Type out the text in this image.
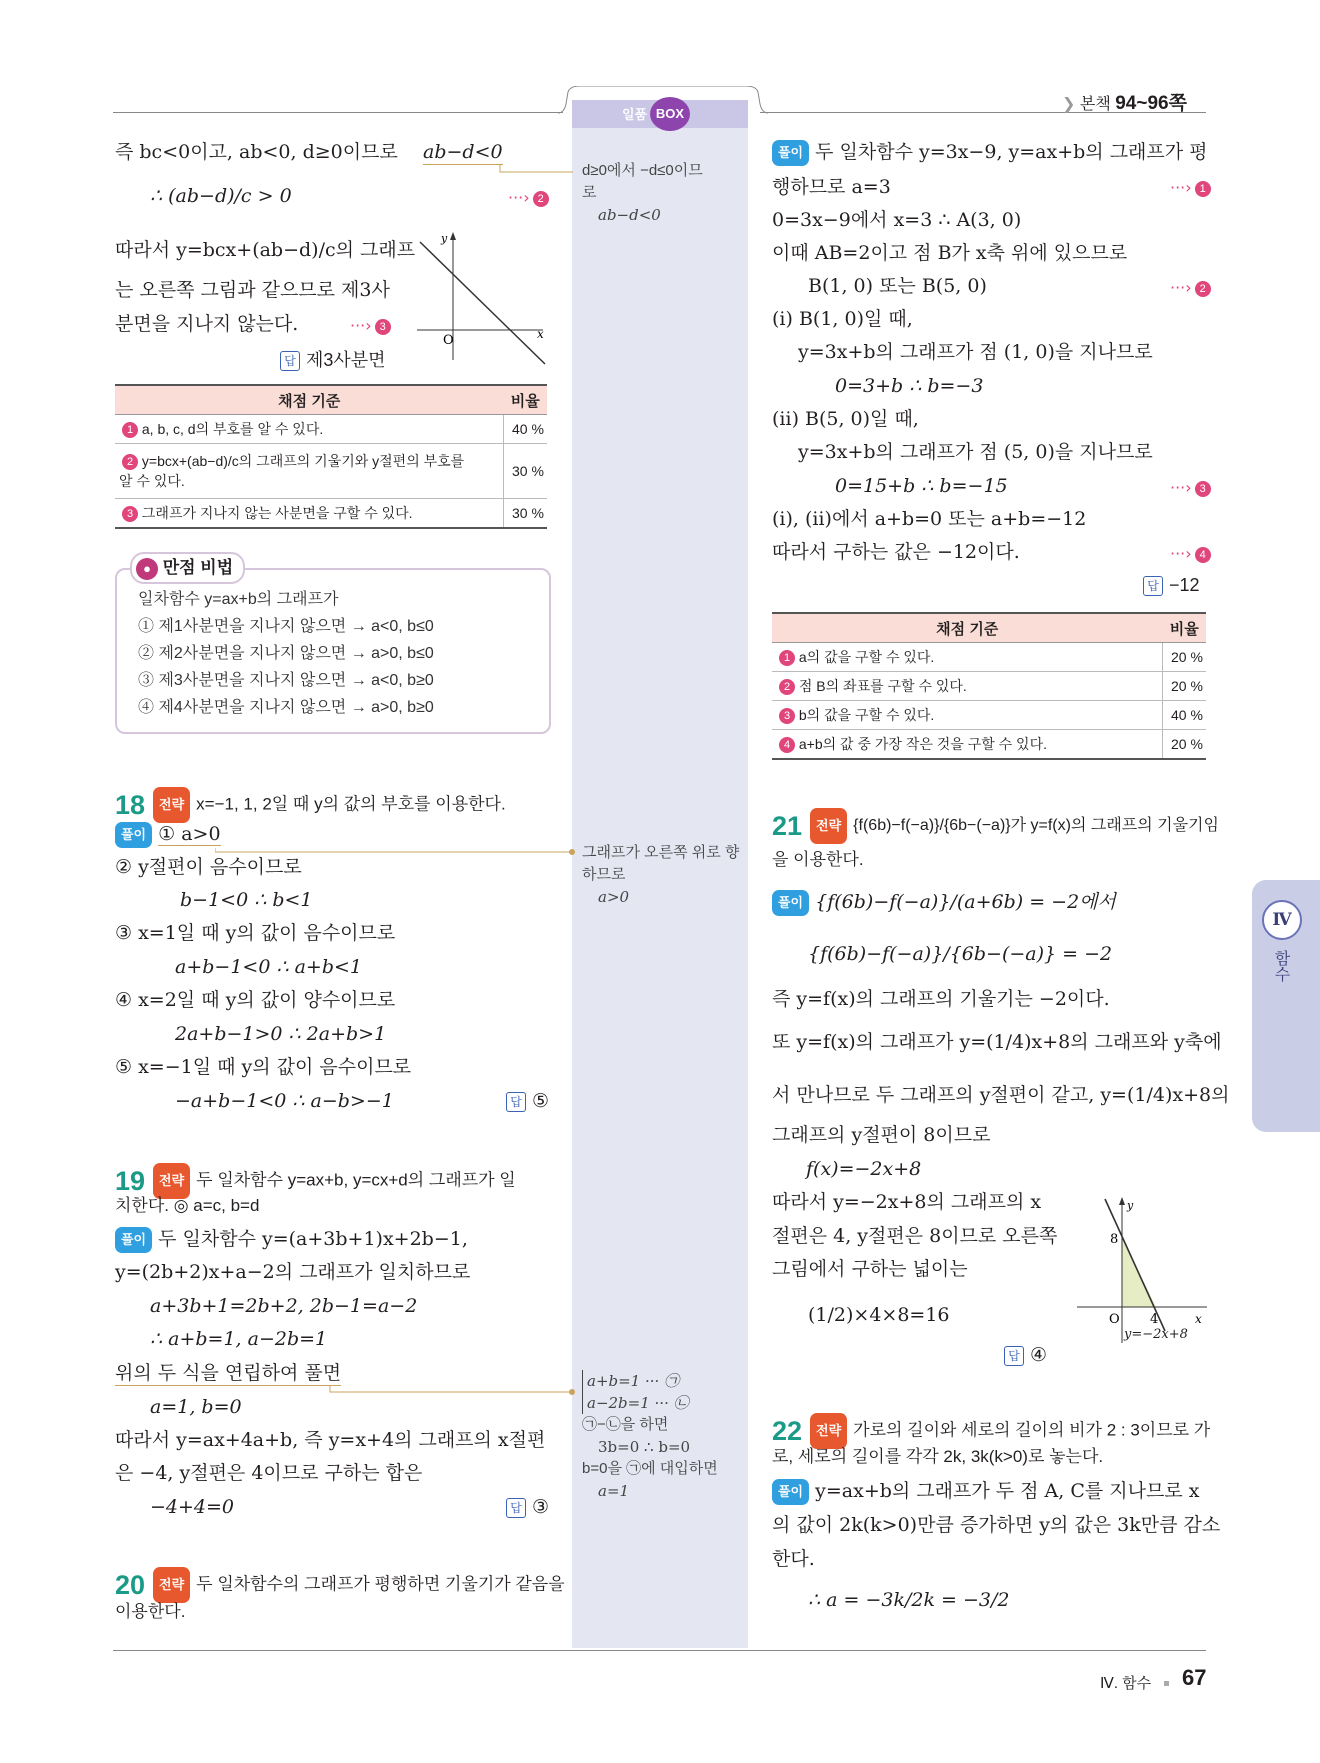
일품 BOX
❯ 본책 94~96쪽
즉 bc<0이고, ab<0, d≥0이므로 ab−d<0
∴ (ab−d)/c > 0	···› 2
따라서 y=bcx+(ab−d)/c의 그래프
는 오른쪽 그림과 같으므로 제3사
분면을 지나지 않는다.	···› 3
답 제3사분면
O	x
y
채점 기준	비율
1 a, b, c, d의 부호를 알 수 있다.	40 %
2 y=bcx+(ab−d)/c의 그래프의 기울기와 y절편의 부호를
알 수 있다.	30 %
3 그래프가 지나지 않는 사분면을 구할 수 있다.	30 %
● 만점 비법
일차함수 y=ax+b의 그래프가
① 제1사분면을 지나지 않으면 → a<0, b≤0
② 제2사분면을 지나지 않으면 → a>0, b≤0
③ 제3사분면을 지나지 않으면 → a<0, b≥0
④ 제4사분면을 지나지 않으면 → a>0, b≥0
18 전략 x=−1, 1, 2일 때 y의 값의 부호를 이용한다.
풀이 ① a>0
② y절편이 음수이므로
b−1<0 ∴ b<1
③ x=1일 때 y의 값이 음수이므로
a+b−1<0 ∴ a+b<1
④ x=2일 때 y의 값이 양수이므로
2a+b−1>0 ∴ 2a+b>1
⑤ x=−1일 때 y의 값이 음수이므로
−a+b−1<0 ∴ a−b>−1	답 ⑤
19 전략 두 일차함수 y=ax+b, y=cx+d의 그래프가 일
치한다. ◎ a=c, b=d
풀이 두 일차함수 y=(a+3b+1)x+2b−1,
y=(2b+2)x+a−2의 그래프가 일치하므로
a+3b+1=2b+2, 2b−1=a−2
∴ a+b=1, a−2b=1
위의 두 식을 연립하여 풀면
a=1, b=0
따라서 y=ax+4a+b, 즉 y=x+4의 그래프의 x절편
은 −4, y절편은 4이므로 구하는 합은
−4+4=0	답 ③
20 전략 두 일차함수의 그래프가 평행하면 기울기가 같음을
이용한다.
d≥0에서 −d≤0이므
로
ab−d<0
그래프가 오른쪽 위로 향
하므로
a>0
a+b=1 ··· ㉠
a−2b=1 ··· ㉡
㉠−㉡을 하면
3b=0 ∴ b=0
b=0을 ㉠에 대입하면
a=1
풀이 두 일차함수 y=3x−9, y=ax+b의 그래프가 평
행하므로 a=3	···› 1
0=3x−9에서 x=3 ∴ A(3, 0)
이때 AB=2이고 점 B가 x축 위에 있으므로
B(1, 0) 또는 B(5, 0)	···› 2
(ⅰ) B(1, 0)일 때,
y=3x+b의 그래프가 점 (1, 0)을 지나므로
0=3+b ∴ b=−3
(ⅱ) B(5, 0)일 때,
y=3x+b의 그래프가 점 (5, 0)을 지나므로
0=15+b ∴ b=−15	···› 3
(ⅰ), (ⅱ)에서 a+b=0 또는 a+b=−12
따라서 구하는 값은 −12이다.	···› 4
답 −12
채점 기준	비율
1 a의 값을 구할 수 있다.	20 %
2 점 B의 좌표를 구할 수 있다.	20 %
3 b의 값을 구할 수 있다.	40 %
4 a+b의 값 중 가장 작은 것을 구할 수 있다.	20 %
21 전략 {f(6b)−f(−a)}/{6b−(−a)}가 y=f(x)의 그래프의 기울기임
을 이용한다.
풀이 {f(6b)−f(−a)}/(a+6b) = −2에서
{f(6b)−f(−a)}/{6b−(−a)} = −2
즉 y=f(x)의 그래프의 기울기는 −2이다.
또 y=f(x)의 그래프가 y=(1/4)x+8의 그래프와 y축에
서 만나므로 두 그래프의 y절편이 같고, y=(1/4)x+8의
그래프의 y절편이 8이므로
f(x)=−2x+8
따라서 y=−2x+8의 그래프의 x
절편은 4, y절편은 8이므로 오른쪽
그림에서 구하는 넓이는
(1/2)×4×8=16	O 4
8
x
y
y=−2x+8
답 ④
22 전략 가로의 길이와 세로의 길이의 비가 2 : 3이므로 가
로, 세로의 길이를 각각 2k, 3k(k>0)로 놓는다.
풀이 y=ax+b의 그래프가 두 점 A, C를 지나므로 x
의 값이 2k(k>0)만큼 증가하면 y의 값은 3k만큼 감소
한다.
∴ a = −3k/2k = −3/2
Ⅳ
함수
Ⅳ. 함수 67
